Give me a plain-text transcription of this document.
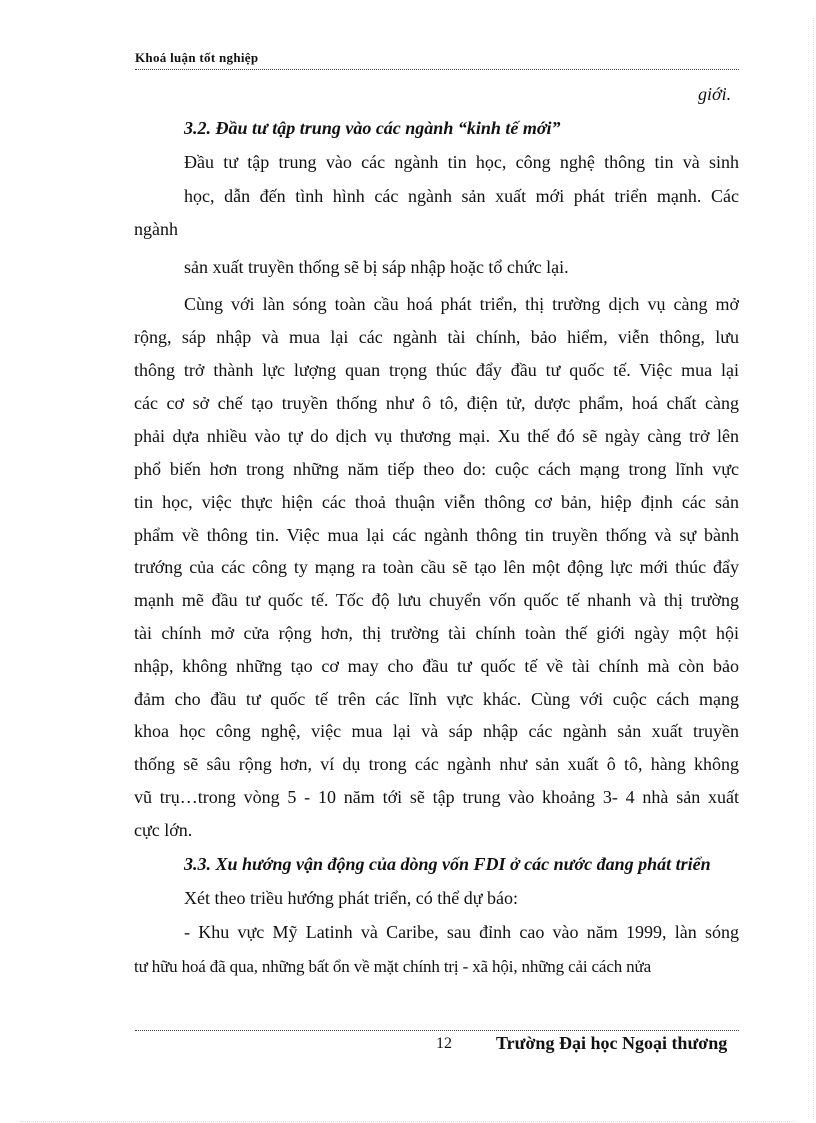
Khoá luận tốt nghiệp
giới.
3.2. Đầu tư tập trung vào các ngành “kinh tế mới”
Đầu tư tập trung vào các ngành tin học, công nghệ thông tin và sinh
học, dẫn đến tình hình các ngành sản xuất mới phát triển mạnh. Các
ngành
sản xuất truyền thống sẽ bị sáp nhập hoặc tổ chức lại.
Cùng với làn sóng toàn cầu hoá phát triển, thị trường dịch vụ càng mở
rộng, sáp nhập và mua lại các ngành tài chính, bảo hiểm, viễn thông, lưu
thông trở thành lực lượng quan trọng thúc đẩy đầu tư quốc tế. Việc mua lại
các cơ sở chế tạo truyền thống như ô tô, điện tử, dược phẩm, hoá chất càng
phải dựa nhiều vào tự do dịch vụ thương mại. Xu thế đó sẽ ngày càng trở lên
phổ biến hơn trong những năm tiếp theo do: cuộc cách mạng trong lĩnh vực
tin học, việc thực hiện các thoả thuận viễn thông cơ bản, hiệp định các sản
phẩm về thông tin. Việc mua lại các ngành thông tin truyền thống và sự bành
trướng của các công ty mạng ra toàn cầu sẽ tạo lên một động lực mới thúc đẩy
mạnh mẽ đầu tư quốc tế. Tốc độ lưu chuyển vốn quốc tế nhanh và thị trường
tài chính mở cửa rộng hơn, thị trường tài chính toàn thế giới ngày một hội
nhập, không những tạo cơ may cho đầu tư quốc tế về tài chính mà còn bảo
đảm cho đầu tư quốc tế trên các lĩnh vực khác. Cùng với cuộc cách mạng
khoa học công nghệ, việc mua lại và sáp nhập các ngành sản xuất truyền
thống sẽ sâu rộng hơn, ví dụ trong các ngành như sản xuất ô tô, hàng không
vũ trụ…trong vòng 5 - 10 năm tới sẽ tập trung vào khoảng 3- 4 nhà sản xuất
cực lớn.
3.3. Xu hướng vận động của dòng vốn FDI ở các nước đang phát triển
Xét theo triều hướng phát triển, có thể dự báo:
- Khu vực Mỹ Latinh và Caribe, sau đỉnh cao vào năm 1999, làn sóng
tư hữu hoá đã qua, những bất ổn về mặt chính trị - xã hội, những cải cách nửa
12 Trường Đại học Ngoại thương
